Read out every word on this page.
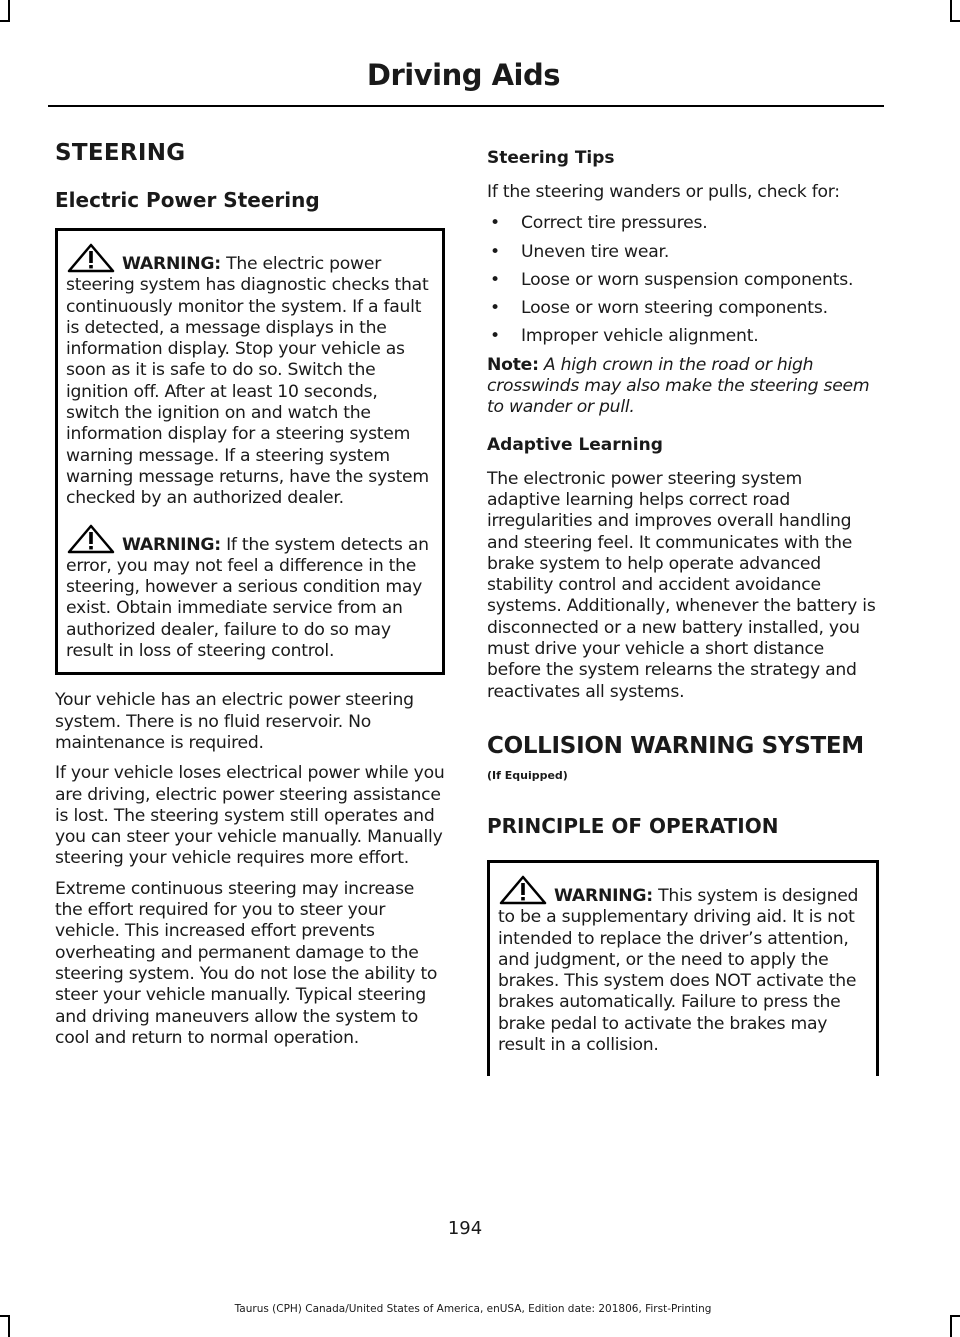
Driving Aids
STEERING
Electric Power Steering

WARNING: The electric power steering system has diagnostic checks that continuously monitor the system. If a fault is detected, a message displays in the information display. Stop your vehicle as soon as it is safe to do so. Switch the ignition off. After at least 10 seconds, switch the ignition on and watch the information display for a steering system warning message. If a steering system warning message returns, have the system checked by an authorized dealer.

WARNING: If the system detects an error, you may not feel a difference in the steering, however a serious condition may exist. Obtain immediate service from an authorized dealer, failure to do so may result in loss of steering control.

Your vehicle has an electric power steering system. There is no fluid reservoir. No maintenance is required.

If your vehicle loses electrical power while you are driving, electric power steering assistance is lost. The steering system still operates and you can steer your vehicle manually. Manually steering your vehicle requires more effort.

Extreme continuous steering may increase the effort required for you to steer your vehicle. This increased effort prevents overheating and permanent damage to the steering system. You do not lose the ability to steer your vehicle manually. Typical steering and driving maneuvers allow the system to cool and return to normal operation.

Steering Tips

If the steering wanders or pulls, check for:

• Correct tire pressures.
• Uneven tire wear.
• Loose or worn suspension components.
• Loose or worn steering components.
• Improper vehicle alignment.

Note: A high crown in the road or high crosswinds may also make the steering seem to wander or pull.

Adaptive Learning

The electronic power steering system adaptive learning helps correct road irregularities and improves overall handling and steering feel. It communicates with the brake system to help operate advanced stability control and accident avoidance systems. Additionally, whenever the battery is disconnected or a new battery installed, you must drive your vehicle a short distance before the system relearns the strategy and reactivates all systems.

COLLISION WARNING SYSTEM
(If Equipped)
PRINCIPLE OF OPERATION

WARNING: This system is designed to be a supplementary driving aid. It is not intended to replace the driver’s attention, and judgment, or the need to apply the brakes. This system does NOT activate the brakes automatically. Failure to press the brake pedal to activate the brakes may result in a collision.

194
Taurus (CPH) Canada/United States of America, enUSA, Edition date: 201806, First-Printing
